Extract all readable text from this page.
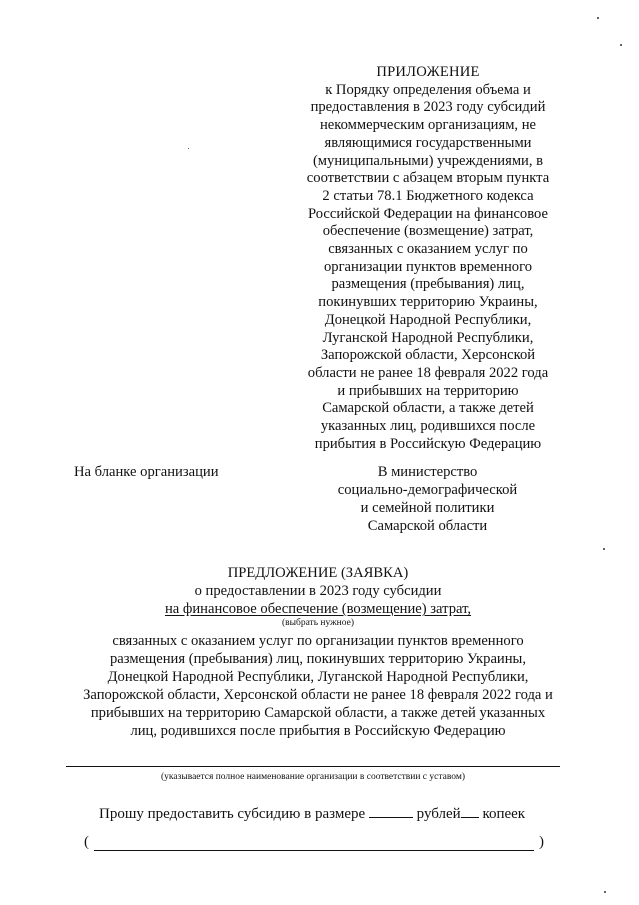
ПРИЛОЖЕНИЕ
к Порядку определения объема и
предоставления в 2023 году субсидий
некоммерческим организациям, не
являющимися государственными
(муниципальными) учреждениями, в
соответствии с абзацем вторым пункта
2 статьи 78.1 Бюджетного кодекса
Российской Федерации на финансовое
обеспечение (возмещение) затрат,
связанных с оказанием услуг по
организации пунктов временного
размещения (пребывания) лиц,
покинувших территорию Украины,
Донецкой Народной Республики,
Луганской Народной Республики,
Запорожской области, Херсонской
области не ранее 18 февраля 2022 года
и прибывших на территорию
Самарской области, а также детей
указанных лиц, родившихся после
прибытия в Российскую Федерацию
На бланке организации	В министерство
социально-демографической
и семейной политики
Самарской области
ПРЕДЛОЖЕНИЕ (ЗАЯВКА)
о предоставлении в 2023 году субсидии
на финансовое обеспечение (возмещение) затрат,
(выбрать нужное)
связанных с оказанием услуг по организации пунктов временного
размещения (пребывания) лиц, покинувших территорию Украины,
Донецкой Народной Республики, Луганской Народной Республики,
Запорожской области, Херсонской области не ранее 18 февраля 2022 года и
прибывших на территорию Самарской области, а также детей указанных
лиц, родившихся после прибытия в Российскую Федерацию
(указывается полное наименование организации в соответствии с уставом)
Прошу предоставить субсидию в размере	рублей копеек
(	)
